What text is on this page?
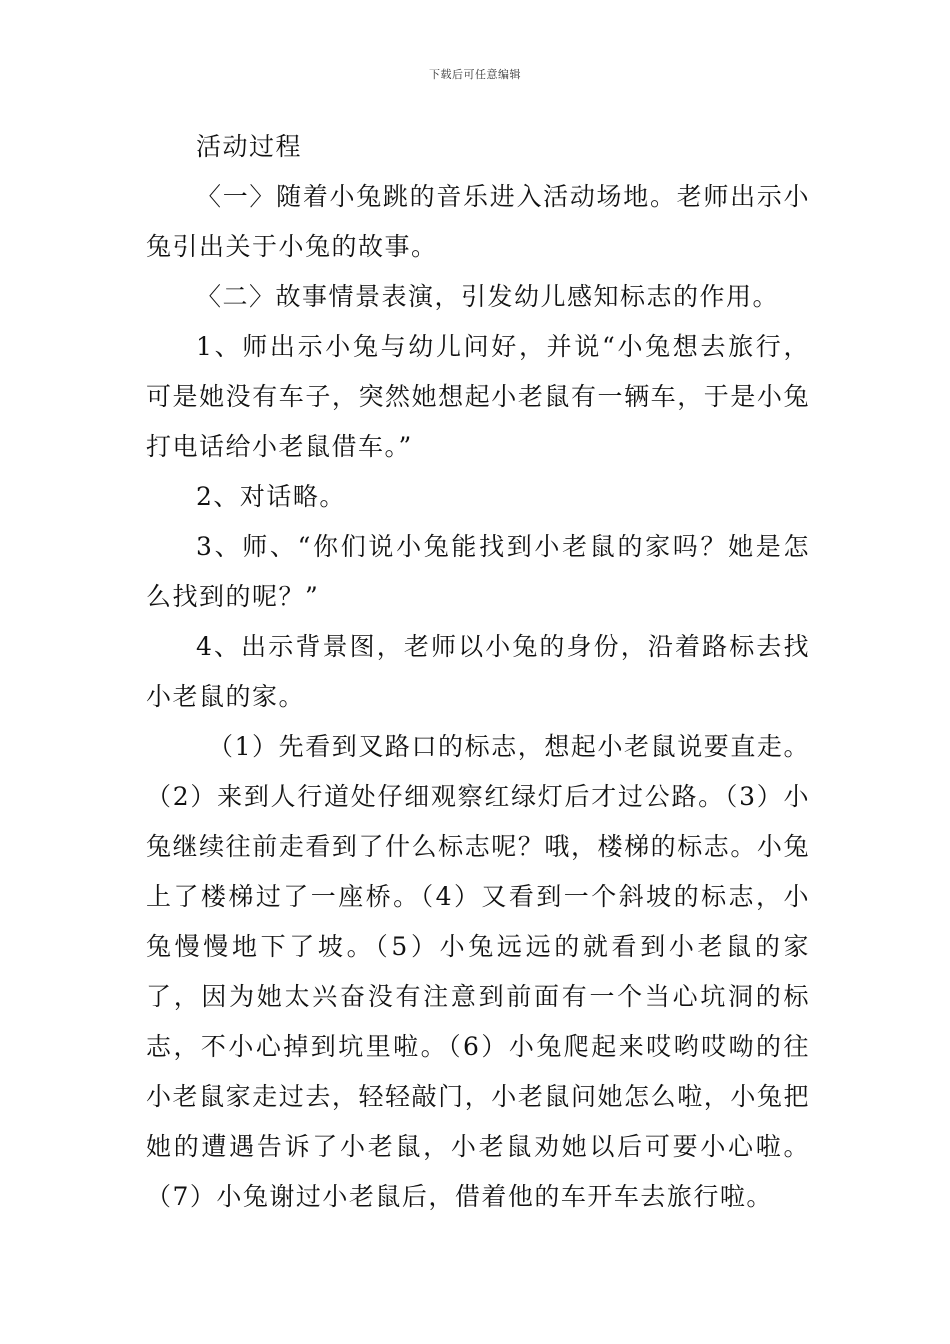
下载后可任意编辑

活动过程

〈一〉随着小兔跳的音乐进入活动场地。老师出示小兔引出关于小兔的故事。

〈二〉故事情景表演，引发幼儿感知标志的作用。

1、师出示小兔与幼儿问好，并说“小兔想去旅行，可是她没有车子，突然她想起小老鼠有一辆车，于是小兔打电话给小老鼠借车。”

2、对话略。

3、师、“你们说小兔能找到小老鼠的家吗？她是怎么找到的呢？”

4、出示背景图，老师以小兔的身份，沿着路标去找小老鼠的家。

（1）先看到叉路口的标志，想起小老鼠说要直走。（2）来到人行道处仔细观察红绿灯后才过公路。（3）小兔继续往前走看到了什么标志呢？哦，楼梯的标志。小兔上了楼梯过了一座桥。（4）又看到一个斜坡的标志，小兔慢慢地下了坡。（5）小兔远远的就看到小老鼠的家了，因为她太兴奋没有注意到前面有一个当心坑洞的标志，不小心掉到坑里啦。（6）小兔爬起来哎哟哎呦的往小老鼠家走过去，轻轻敲门，小老鼠问她怎么啦，小兔把她的遭遇告诉了小老鼠，小老鼠劝她以后可要小心啦。（7）小兔谢过小老鼠后，借着他的车开车去旅行啦。
